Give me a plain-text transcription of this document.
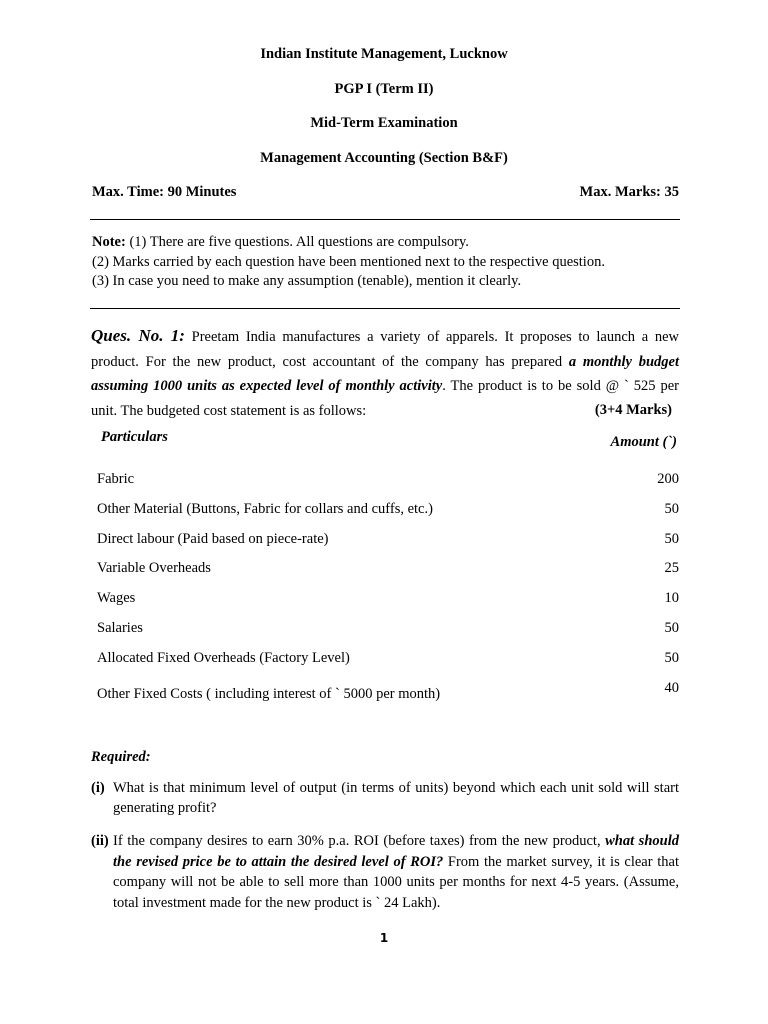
Indian Institute Management, Lucknow
PGP I (Term II)
Mid-Term Examination
Management Accounting (Section B&F)
Max. Time: 90 Minutes	Max. Marks: 35
Note: (1) There are five questions. All questions are compulsory.
(2) Marks carried by each question have been mentioned next to the respective question.
(3) In case you need to make any assumption (tenable), mention it clearly.
Ques. No. 1: Preetam India manufactures a variety of apparels. It proposes to launch a new product. For the new product, cost accountant of the company has prepared a monthly budget assuming 1000 units as expected level of monthly activity. The product is to be sold @ ` 525 per unit. The budgeted cost statement is as follows:	(3+4 Marks)
Particulars	Amount (`)
Fabric	200
Other Material (Buttons, Fabric for collars and cuffs, etc.)	50
Direct labour (Paid based on piece-rate)	50
Variable Overheads	25
Wages	10
Salaries	50
Allocated Fixed Overheads (Factory Level)	50
Other Fixed Costs ( including interest of ` 5000 per month)	40
Required:
(i) What is that minimum level of output (in terms of units) beyond which each unit sold will start generating profit?
(ii) If the company desires to earn 30% p.a. ROI (before taxes) from the new product, what should the revised price be to attain the desired level of ROI? From the market survey, it is clear that company will not be able to sell more than 1000 units per months for next 4-5 years. (Assume, total investment made for the new product is ` 24 Lakh).
1
